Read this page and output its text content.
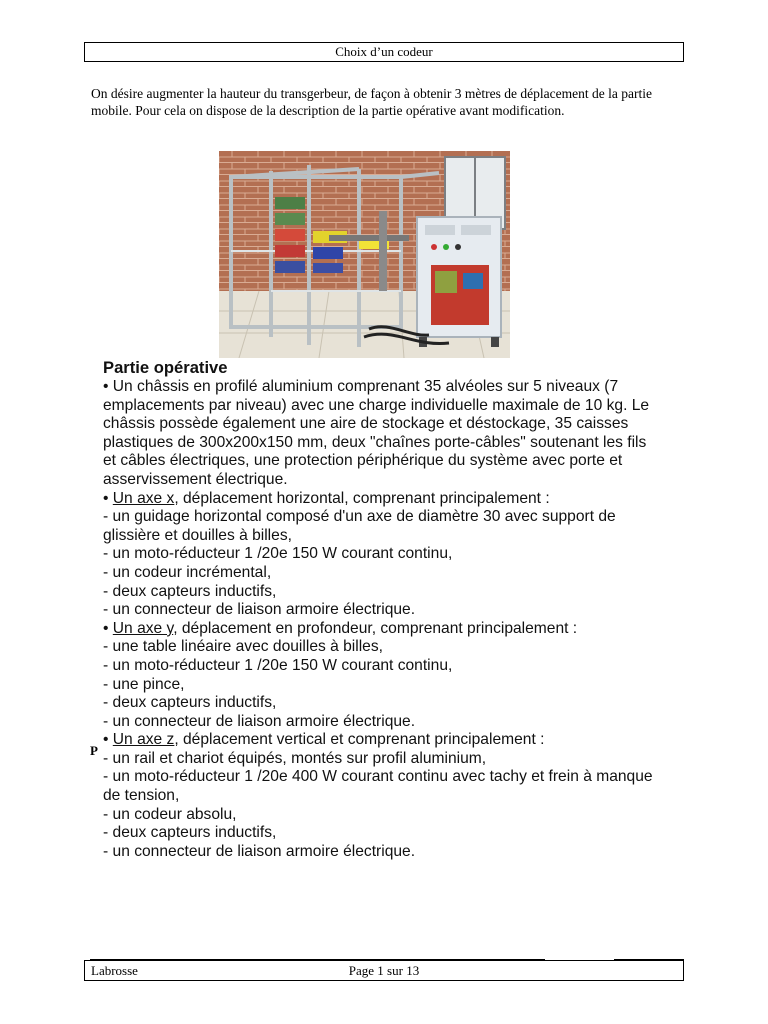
Choix d’un codeur
On désire augmenter la hauteur du transgerbeur, de façon à obtenir 3 mètres de déplacement de la partie mobile. Pour cela on dispose de la description de la partie opérative avant modification.
Partie opérative

• Un châssis en profilé aluminium comprenant 35 alvéoles sur 5 niveaux (7 emplacements par niveau) avec une charge individuelle maximale de 10 kg. Le châssis possède également une aire de stockage et déstockage, 35 caisses plastiques de 300x200x150 mm, deux "chaînes porte-câbles" soutenant les fils et câbles électriques, une protection périphérique du système avec porte et asservissement électrique.

• Un axe x, déplacement horizontal, comprenant principalement :

- un guidage horizontal composé d'un axe de diamètre 30 avec support de glissière et douilles à billes,

- un moto-réducteur 1 /20e 150 W courant continu,

- un codeur incrémental,

- deux capteurs inductifs,

- un connecteur de liaison armoire électrique.

• Un axe y, déplacement en profondeur, comprenant principalement :

- une table linéaire avec douilles à billes,

- un moto-réducteur 1 /20e 150 W courant continu,

- une pince,

- deux capteurs inductifs,

- un connecteur de liaison armoire électrique.

• Un axe z, déplacement vertical et comprenant principalement :

- un rail et chariot équipés, montés sur profil aluminium,

- un moto-réducteur 1 /20e 400 W courant continu avec tachy et frein à manque de tension,

- un codeur absolu,

- deux capteurs inductifs,

- un connecteur de liaison armoire électrique.

P
Labrosse	Page 1 sur 13
